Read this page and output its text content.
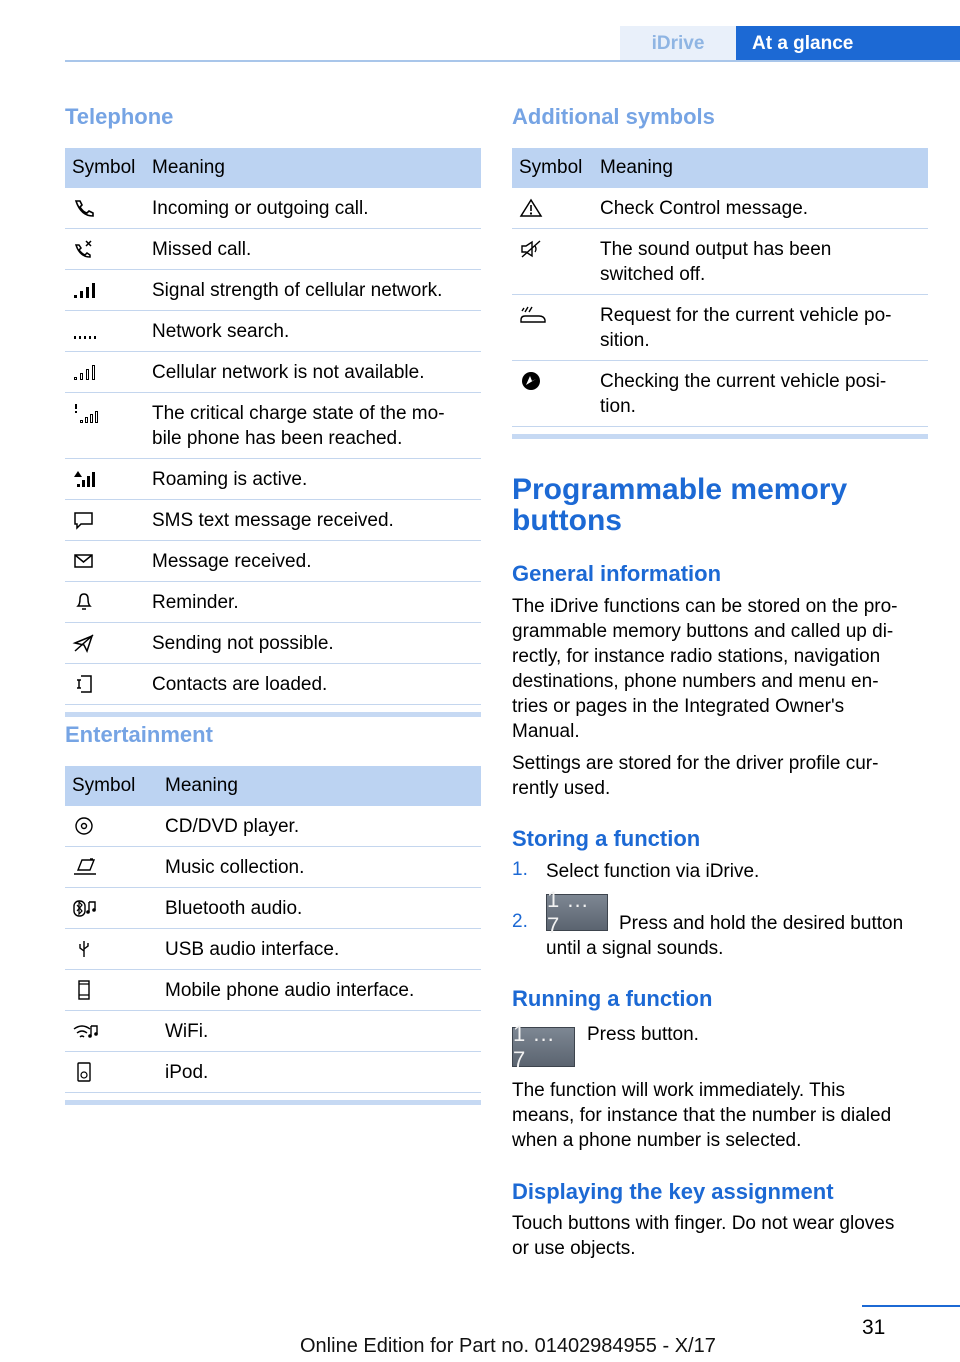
iDrive	At a glance
Telephone
Symbol Meaning
Incoming or outgoing call.
Missed call.
Signal strength of cellular network.
Network search.
Cellular network is not available.
The critical charge state of the mo-
bile phone has been reached.
Roaming is active.
SMS text message received.
Message received.
Reminder.
Sending not possible.
Contacts are loaded.
Entertainment
Symbol	Meaning
CD/DVD player.
Music collection.
Bluetooth audio.
USB audio interface.
Mobile phone audio interface.
WiFi.
iPod.
Additional symbols
Symbol Meaning
Check Control message.
The sound output has been
switched off.
Request for the current vehicle po-
sition.
Checking the current vehicle posi-
tion.
Programmable memory
buttons
General information
The iDrive functions can be stored on the pro-
grammable memory buttons and called up di-
rectly, for instance radio stations, navigation
destinations, phone numbers and menu en-
tries or pages in the Integrated Owner's
Manual.
Settings are stored for the driver profile cur-
rently used.
Storing a function
1. Select function via iDrive.
2.
1 ... 7	Press and hold the desired button
until a signal sounds.
Running a function
1 ... 7
Press button.
The function will work immediately. This
means, for instance that the number is dialed
when a phone number is selected.
Displaying the key assignment
Touch buttons with finger. Do not wear gloves
or use objects.
31
Online Edition for Part no. 01402984955 - X/17
